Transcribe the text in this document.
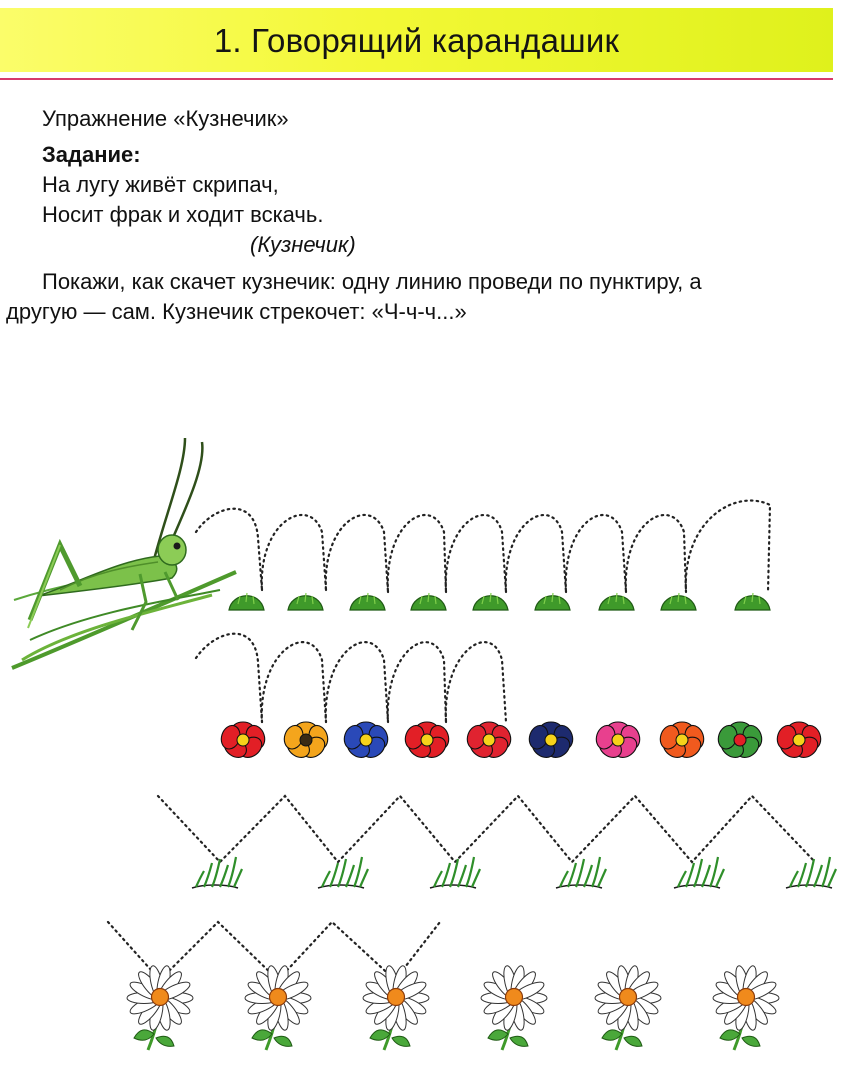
1. Говорящий карандашик
Упражнение «Кузнечик»
Задание:
На лугу живёт скрипач,
Носит фрак и ходит вскачь.
(Кузнечик)
Покажи, как скачет кузнечик: одну линию проведи по пунктиру, а
другую — сам. Кузнечик стрекочет: «Ч-ч-ч...»
